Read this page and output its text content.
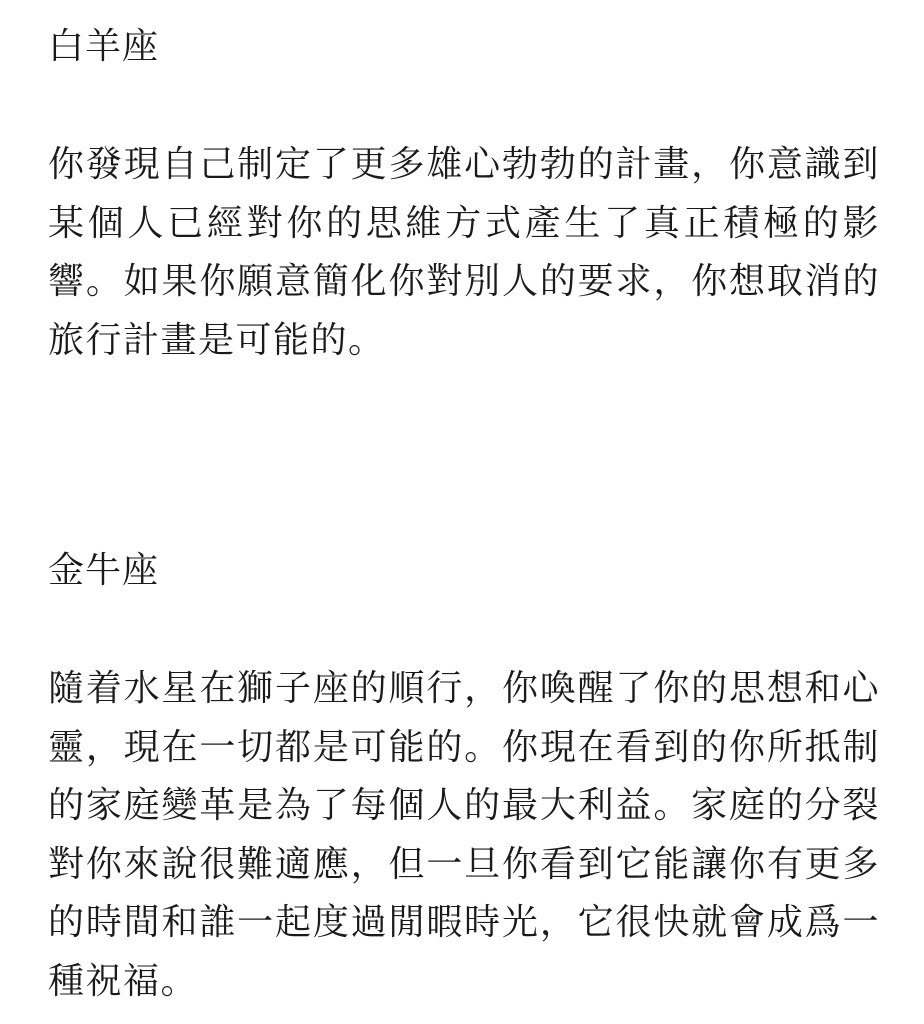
白羊座

你發現自己制定了更多雄心勃勃的計畫，你意識到某個人已經對你的思維方式產生了真正積極的影響。如果你願意簡化你對別人的要求，你想取消的旅行計畫是可能的。

金牛座

隨着水星在獅子座的順行，你喚醒了你的思想和心靈，現在一切都是可能的。你現在看到的你所抵制的家庭變革是為了每個人的最大利益。家庭的分裂對你來說很難適應，但一旦你看到它能讓你有更多的時間和誰一起度過閒暇時光，它很快就會成爲一種祝福。
